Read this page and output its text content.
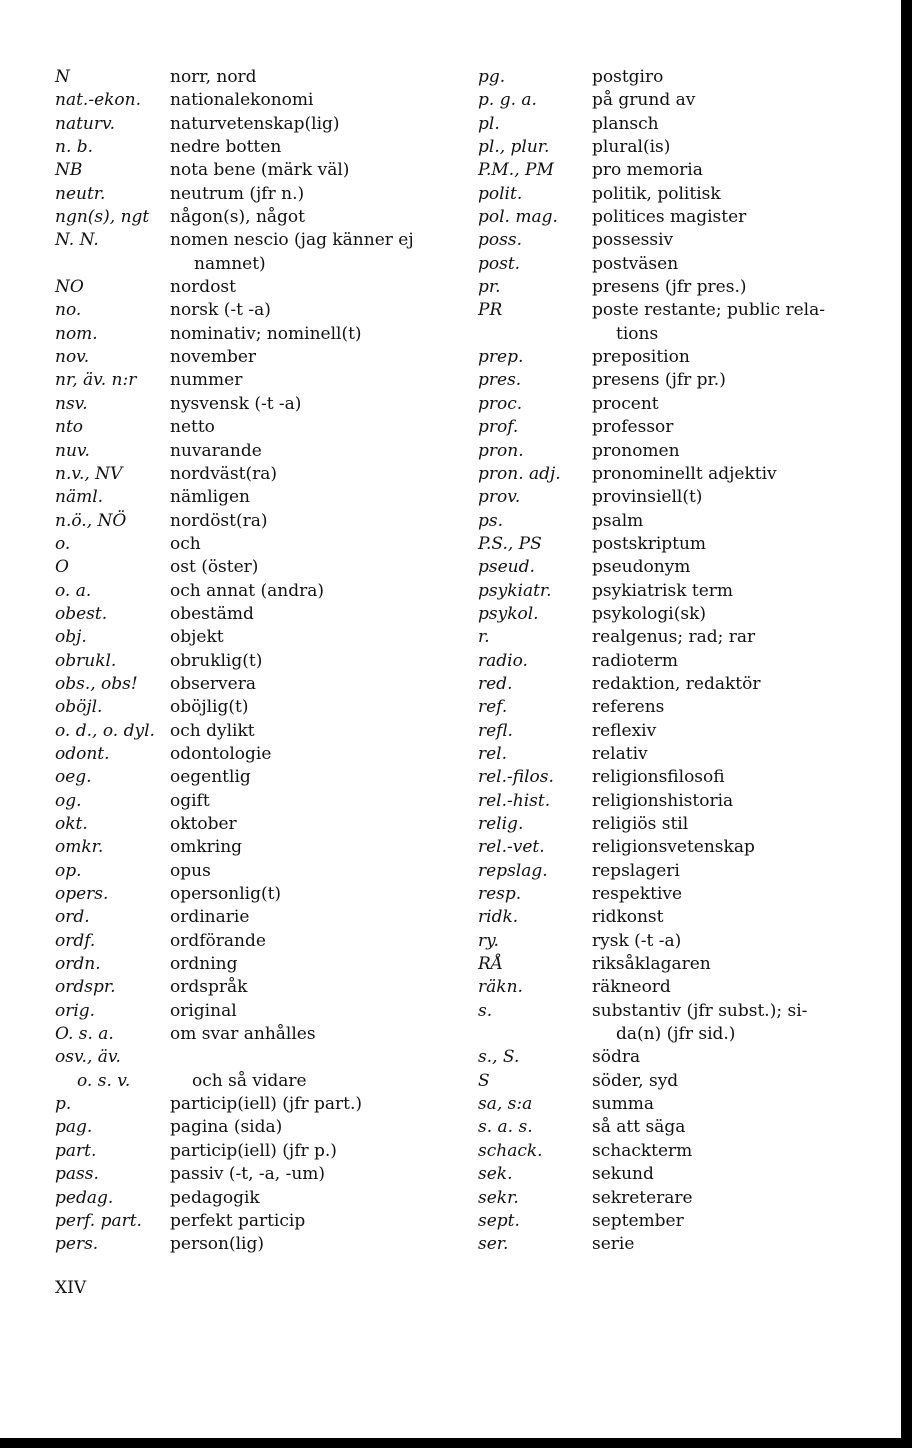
N	norr, nord
nat.-ekon.	nationalekonomi
naturv.	naturvetenskap(lig)
n. b.	nedre botten
NB	nota bene (märk väl)
neutr.	neutrum (jfr n.)
ngn(s), ngt	någon(s), något
N. N.	nomen nescio (jag känner ej
namnet)
NO	nordost
no.	norsk (-t -a)
nom.	nominativ; nominell(t)
nov.	november
nr, äv. n:r	nummer
nsv.	nysvensk (-t -a)
nto	netto
nuv.	nuvarande
n.v., NV	nordväst(ra)
näml.	nämligen
n.ö., NÖ	nordöst(ra)
o.	och
O	ost (öster)
o. a.	och annat (andra)
obest.	obestämd
obj.	objekt
obrukl.	obruklig(t)
obs., obs!	observera
oböjl.	oböjlig(t)
o. d., o. dyl. och dylikt
odont.	odontologie
oeg.	oegentlig
og.	ogift
okt.	oktober
omkr.	omkring
op.	opus
opers.	opersonlig(t)
ord.	ordinarie
ordf.	ordförande
ordn.	ordning
ordspr.	ordspråk
orig.	original
O. s. a.	om svar anhålles
osv., äv.
o. s. v.	och så vidare
p.	particip(iell) (jfr part.)
pag.	pagina (sida)
part.	particip(iell) (jfr p.)
pass.	passiv (-t, -a, -um)
pedag.	pedagogik
perf. part.	perfekt particip
pers.	person(lig)
pg.	postgiro
p. g. a.	på grund av
pl.	plansch
pl., plur.	plural(is)
P.M., PM	pro memoria
polit.	politik, politisk
pol. mag.	politices magister
poss.	possessiv
post.	postväsen
pr.	presens (jfr pres.)
PR	poste restante; public rela-
tions
prep.	preposition
pres.	presens (jfr pr.)
proc.	procent
prof.	professor
pron.	pronomen
pron. adj.	pronominellt adjektiv
prov.	provinsiell(t)
ps.	psalm
P.S., PS	postskriptum
pseud.	pseudonym
psykiatr.	psykiatrisk term
psykol.	psykologi(sk)
r.	realgenus; rad; rar
radio.	radioterm
red.	redaktion, redaktör
ref.	referens
refl.	reflexiv
rel.	relativ
rel.-filos.	religionsfilosofi
rel.-hist.	religionshistoria
relig.	religiös stil
rel.-vet.	religionsvetenskap
repslag.	repslageri
resp.	respektive
ridk.	ridkonst
ry.	rysk (-t -a)
RÅ	riksåklagaren
räkn.	räkneord
s.	substantiv (jfr subst.); si-
da(n) (jfr sid.)
s., S.	södra
S	söder, syd
sa, s:a	summa
s. a. s.	så att säga
schack.	schackterm
sek.	sekund
sekr.	sekreterare
sept.	september
ser.	serie
XIV
